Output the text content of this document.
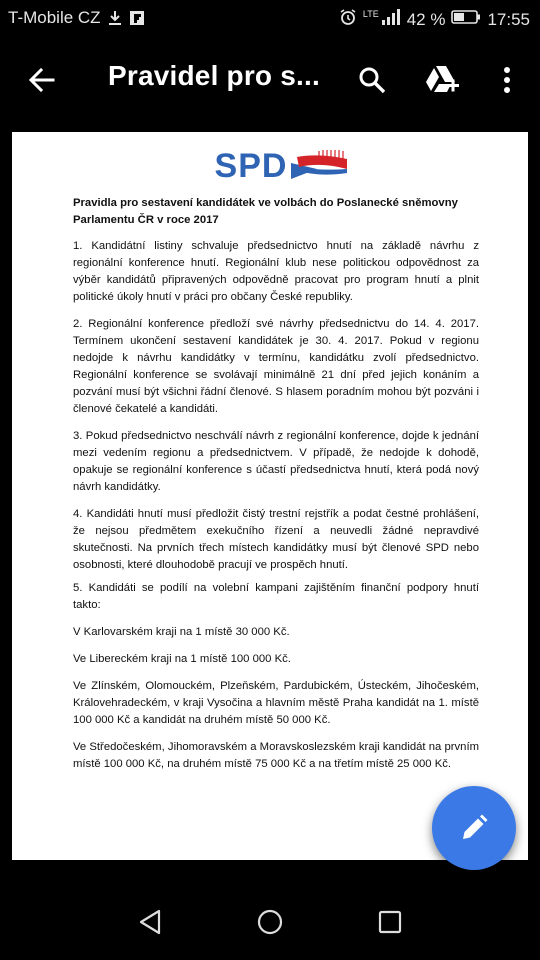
T-Mobile CZ	LTE 42 % 17:55
Pravidel pro s...
SPD
Pravidla pro sestavení kandidátek ve volbách do Poslanecké sněmovny Parlamentu ČR v roce 2017
1. Kandidátní listiny schvaluje předsednictvo hnutí na základě návrhu z regionální konference hnutí. Regionální klub nese politickou odpovědnost za výběr kandidátů připravených odpovědně pracovat pro program hnutí a plnit politické úkoly hnutí v práci pro občany České republiky.
2. Regionální konference předloží své návrhy předsednictvu do 14. 4. 2017. Termínem ukončení sestavení kandidátek je 30. 4. 2017. Pokud v regionu nedojde k návrhu kandidátky v termínu, kandidátku zvolí předsednictvo. Regionální konference se svolávají minimálně 21 dní před jejich konáním a pozvání musí být všichni řádní členové. S hlasem poradním mohou být pozváni i členové čekatelé a kandidáti.
3. Pokud předsednictvo neschválí návrh z regionální konference, dojde k jednání mezi vedením regionu a předsednictvem. V případě, že nedojde k dohodě, opakuje se regionální konference s účastí předsednictva hnutí, která podá nový návrh kandidátky.
4. Kandidáti hnutí musí předložit čistý trestní rejstřík a podat čestné prohlášení, že nejsou předmětem exekučního řízení a neuvedli žádné nepravdivé skutečnosti. Na prvních třech místech kandidátky musí být členové SPD nebo osobnosti, které dlouhodobě pracují ve prospěch hnutí.
5. Kandidáti se podílí na volební kampani zajištěním finanční podpory hnutí takto:
V Karlovarském kraji na 1 místě 30 000 Kč.
Ve Libereckém kraji na 1 místě 100 000 Kč.
Ve Zlínském, Olomouckém, Plzeňském, Pardubickém, Ústeckém, Jihočeském, Královehradeckém, v kraji Vysočina a hlavním městě Praha kandidát na 1. místě 100 000 Kč a kandidát na druhém místě 50 000 Kč.
Ve Středočeském, Jihomoravském a Moravskoslezském kraji kandidát na prvním místě 100 000 Kč, na druhém místě 75 000 Kč a na třetím místě 25 000 Kč.
